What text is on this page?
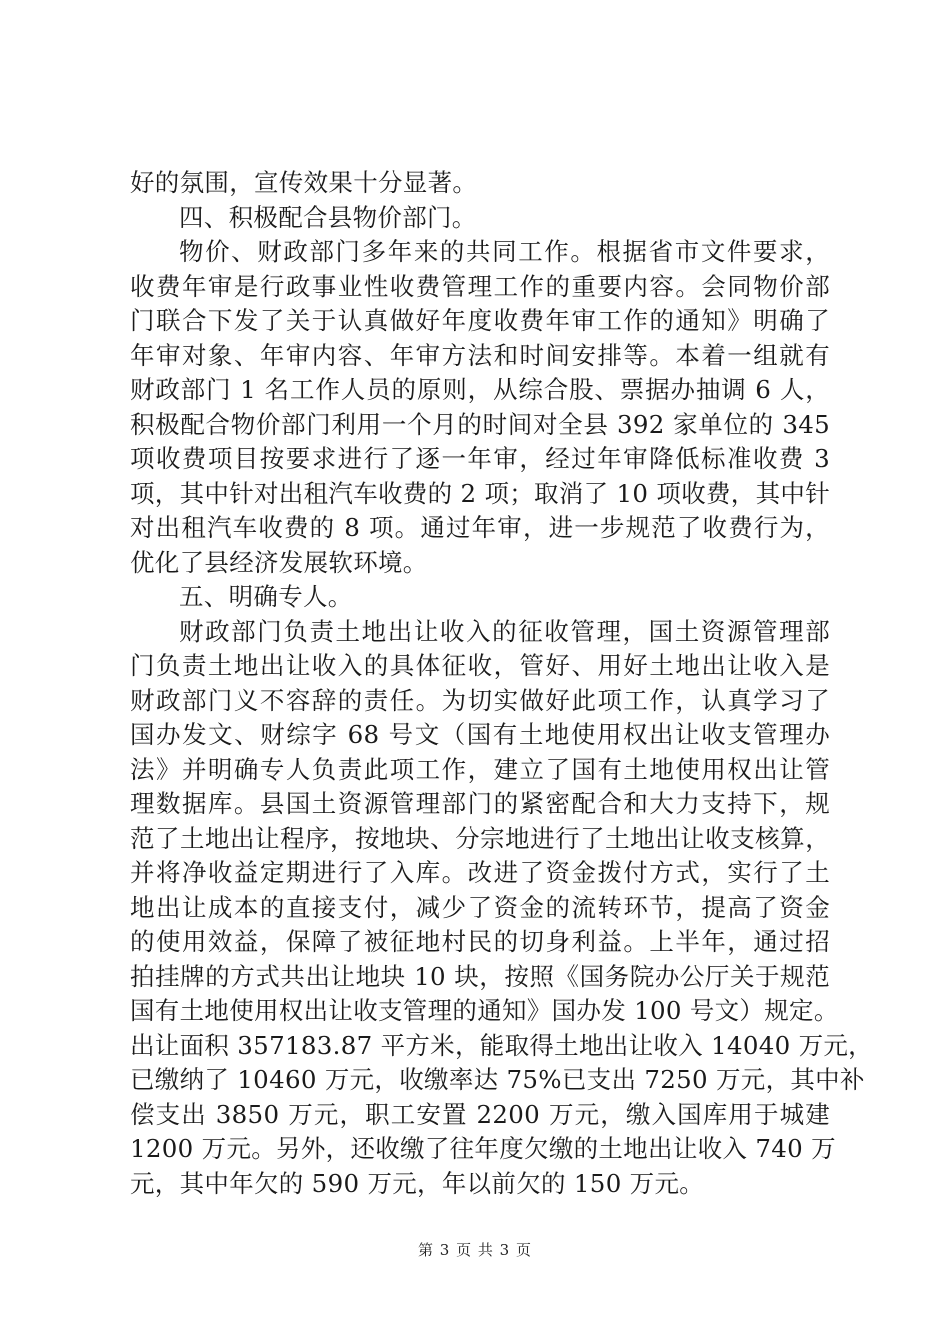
好的氛围，宣传效果十分显著。
四、积极配合县物价部门。
物价、财政部门多年来的共同工作。根据省市文件要求，
收费年审是行政事业性收费管理工作的重要内容。会同物价部
门联合下发了关于认真做好年度收费年审工作的通知》明确了
年审对象、年审内容、年审方法和时间安排等。本着一组就有
财政部门 1 名工作人员的原则，从综合股、票据办抽调 6 人，
积极配合物价部门利用一个月的时间对全县 392 家单位的 345
项收费项目按要求进行了逐一年审，经过年审降低标准收费 3
项，其中针对出租汽车收费的 2 项；取消了 10 项收费，其中针
对出租汽车收费的 8 项。通过年审，进一步规范了收费行为，
优化了县经济发展软环境。
五、明确专人。
财政部门负责土地出让收入的征收管理，国土资源管理部
门负责土地出让收入的具体征收，管好、用好土地出让收入是
财政部门义不容辞的责任。为切实做好此项工作，认真学习了
国办发文、财综字 68 号文（国有土地使用权出让收支管理办
法》并明确专人负责此项工作，建立了国有土地使用权出让管
理数据库。县国土资源管理部门的紧密配合和大力支持下，规
范了土地出让程序，按地块、分宗地进行了土地出让收支核算，
并将净收益定期进行了入库。改进了资金拨付方式，实行了土
地出让成本的直接支付，减少了资金的流转环节，提高了资金
的使用效益，保障了被征地村民的切身利益。上半年，通过招
拍挂牌的方式共出让地块 10 块，按照《国务院办公厅关于规范
国有土地使用权出让收支管理的通知》国办发 100 号文）规定。
出让面积 357183.87 平方米，能取得土地出让收入 14040 万元，
已缴纳了 10460 万元，收缴率达 75%已支出 7250 万元，其中补
偿支出 3850 万元，职工安置 2200 万元，缴入国库用于城建
1200 万元。另外，还收缴了往年度欠缴的土地出让收入 740 万
元，其中年欠的 590 万元，年以前欠的 150 万元。
第 3 页 共 3 页
